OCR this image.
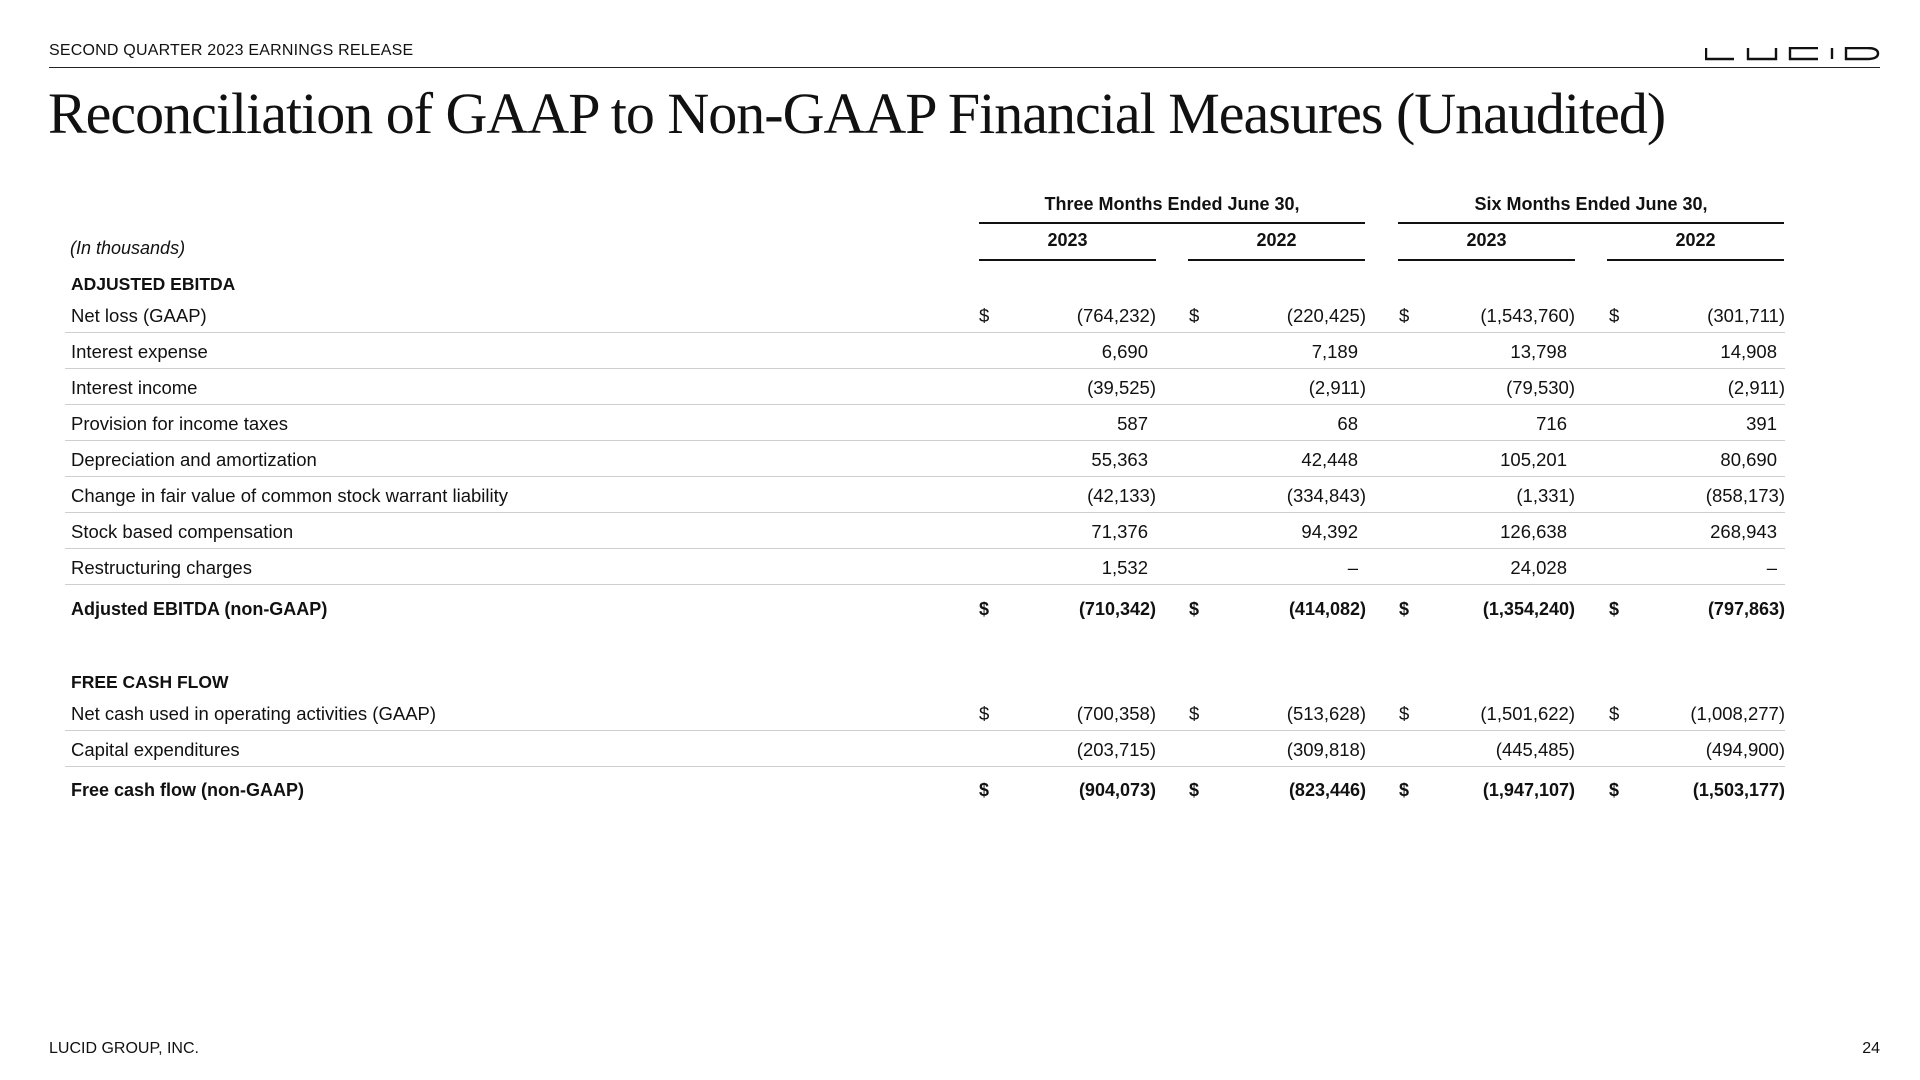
SECOND QUARTER 2023 EARNINGS RELEASE
Reconciliation of GAAP to Non-GAAP Financial Measures (Unaudited)
Three Months Ended June 30,	Six Months Ended June 30,
2023	2022	2023	2022
(In thousands)
ADJUSTED EBITDA
FREE CASH FLOW
Net loss (GAAP)	$	(764,232) $	(220,425) $	(1,543,760) $	(301,711)
Interest expense	6,690	7,189	13,798	14,908
Interest income	(39,525)	(2,911)	(79,530)	(2,911)
Provision for income taxes	587	68	716	391
Depreciation and amortization	55,363	42,448	105,201	80,690
Change in fair value of common stock warrant liability	(42,133)	(334,843)	(1,331)	(858,173)
Stock based compensation	71,376	94,392	126,638	268,943
Restructuring charges	1,532	–	24,028	–
Adjusted EBITDA (non-GAAP)	$	(710,342) $	(414,082) $	(1,354,240) $	(797,863)
Net cash used in operating activities (GAAP)	$	(700,358) $	(513,628) $	(1,501,622) $	(1,008,277)
Capital expenditures	(203,715)	(309,818)	(445,485)	(494,900)
Free cash flow (non-GAAP)	$	(904,073) $	(823,446) $	(1,947,107) $	(1,503,177)
LUCID GROUP, INC.	24
